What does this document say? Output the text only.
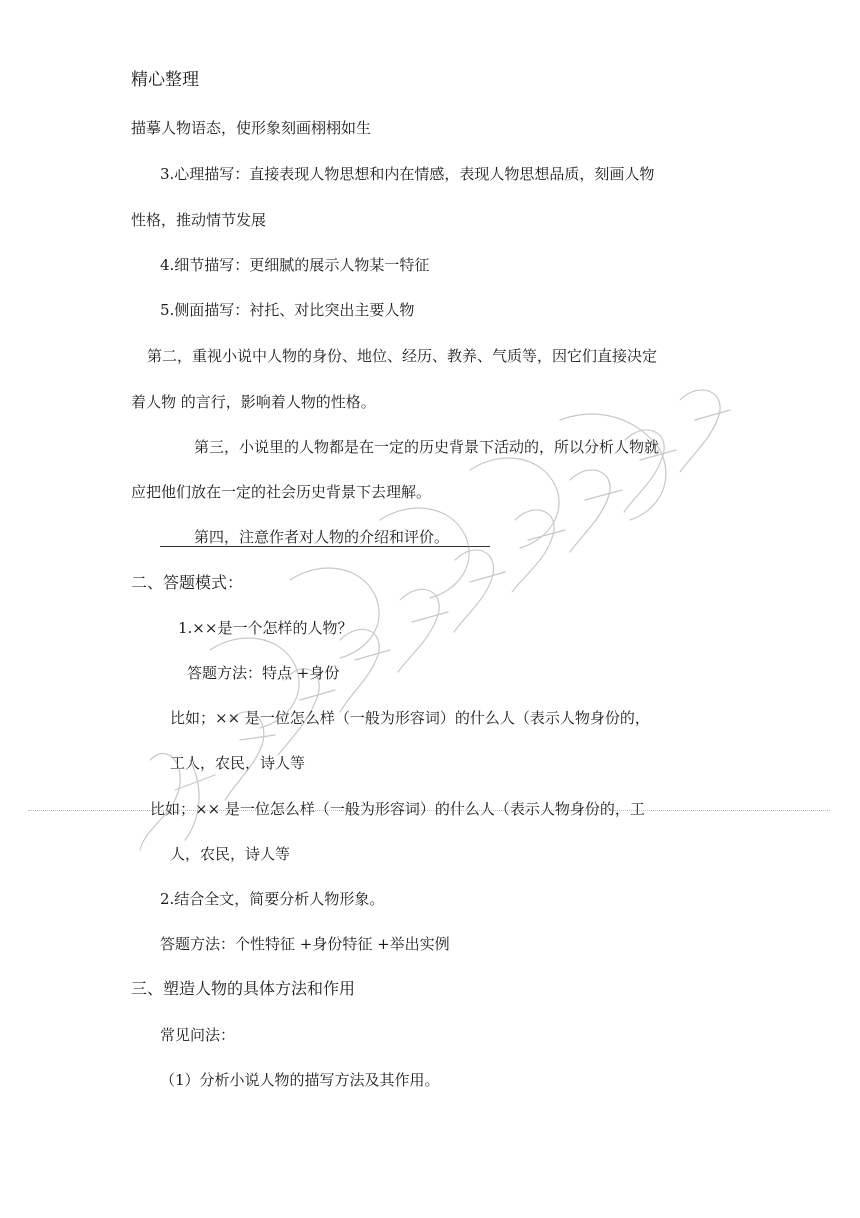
精心整理
描摹人物语态，使形象刻画栩栩如生
3.心理描写：直接表现人物思想和内在情感，表现人物思想品质，刻画人物
性格，推动情节发展
4.细节描写：更细腻的展示人物某一特征
5.侧面描写：衬托、对比突出主要人物
第二，重视小说中人物的身份、地位、经历、教养、气质等，因它们直接决定
着人物 的言行，影响着人物的性格。
第三，小说里的人物都是在一定的历史背景下活动的，所以分析人物就
应把他们放在一定的社会历史背景下去理解。
第四，注意作者对人物的介绍和评价。
二、答题模式：
1.××是一个怎样的人物？
答题方法：特点 +身份
比如；×× 是一位怎么样（一般为形容词）的什么人（表示人物身份的，
工人，农民，诗人等
比如；×× 是一位怎么样（一般为形容词）的什么人（表示人物身份的，工
人，农民，诗人等
2.结合全文，简要分析人物形象。
答题方法：个性特征 +身份特征 +举出实例
三、塑造人物的具体方法和作用
常见问法：
（1）分析小说人物的描写方法及其作用。
